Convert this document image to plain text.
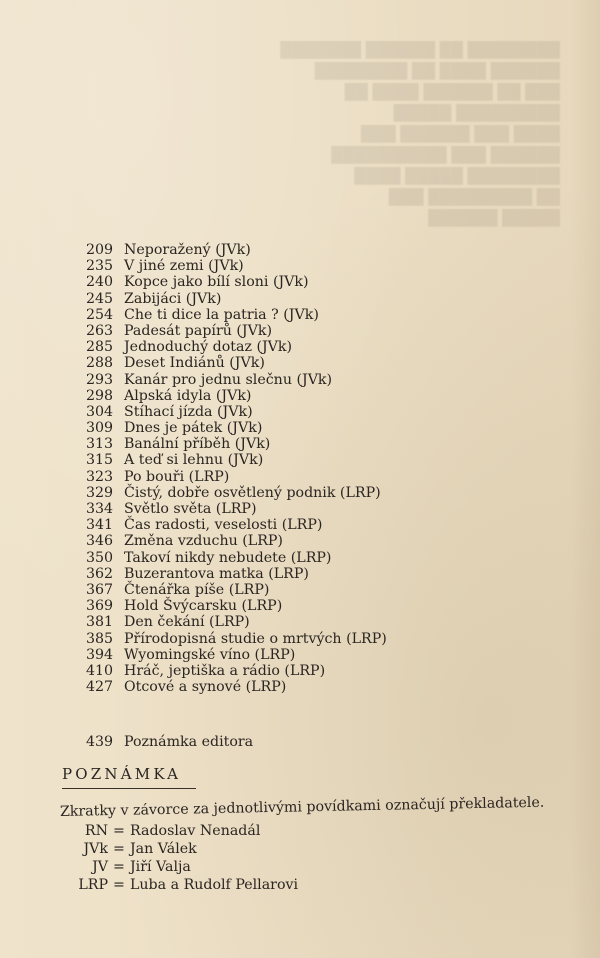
████████ ██ ██████ ███████
██████ ████ ██ ████████
███ ██ ██████ ████ ██
█████████ █████
████ ███ ██████ ███
██████ ███ ██████████
████████ █████ ████
██ █████████ ███
█████ ██████
209 Neporažený (JVk)
235 V jiné zemi (JVk)
240 Kopce jako bílí sloni (JVk)
245 Zabijáci (JVk)
254 Che ti dice la patria ? (JVk)
263 Padesát papírů (JVk)
285 Jednoduchý dotaz (JVk)
288 Deset Indiánů (JVk)
293 Kanár pro jednu slečnu (JVk)
298 Alpská idyla (JVk)
304 Stíhací jízda (JVk)
309 Dnes je pátek (JVk)
313 Banální příběh (JVk)
315 A teď si lehnu (JVk)
323 Po bouři (LRP)
329 Čistý, dobře osvětlený podnik (LRP)
334 Světlo světa (LRP)
341 Čas radosti, veselosti (LRP)
346 Změna vzduchu (LRP)
350 Takoví nikdy nebudete (LRP)
362 Buzerantova matka (LRP)
367 Čtenářka píše (LRP)
369 Hold Švýcarsku (LRP)
381 Den čekání (LRP)
385 Přírodopisná studie o mrtvých (LRP)
394 Wyomingské víno (LRP)
410 Hráč, jeptiška a rádio (LRP)
427 Otcové a synové (LRP)
439 Poznámka editora
POZNÁMKA
Zkratky v závorce za jednotlivými povídkami označují překladatele.
RN = Radoslav Nenadál
JVk = Jan Válek
JV = Jiří Valja
LRP = Luba a Rudolf Pellarovi
